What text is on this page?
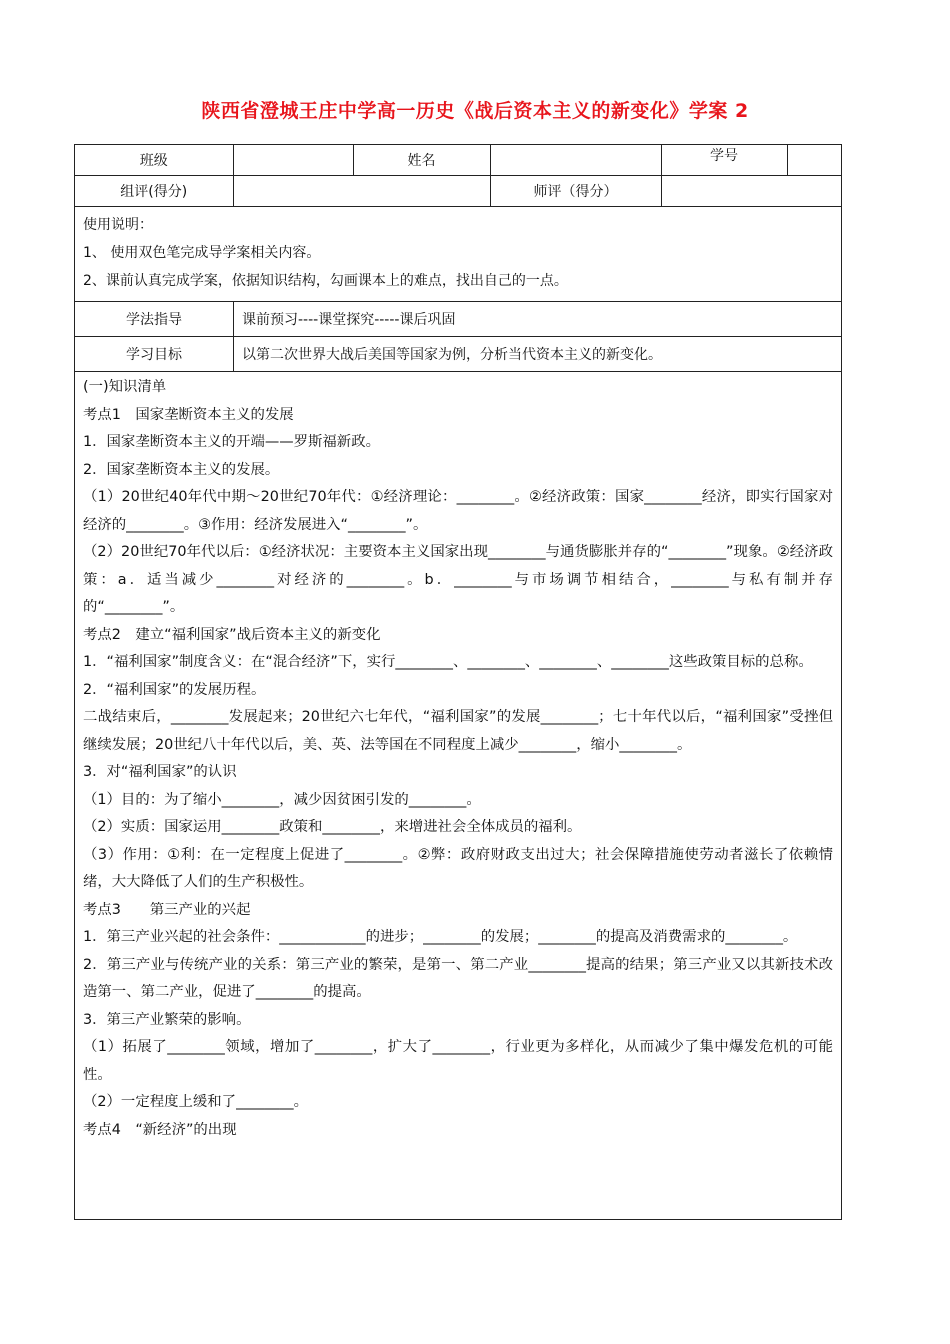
陕西省澄城王庄中学高一历史《战后资本主义的新变化》学案 2
班级		姓名		学号	
组评(得分)			师评（得分）		
使用说明：
1、 使用双色笔完成导学案相关内容。
2、课前认真完成学案，依据知识结构，勾画课本上的难点，找出自己的一点。
学法指导	课前预习----课堂探究-----课后巩固
学习目标	以第二次世界大战后美国等国家为例，分析当代资本主义的新变化。

(一)知识清单

考点1　国家垄断资本主义的发展

1．国家垄断资本主义的开端——罗斯福新政。

2．国家垄断资本主义的发展。

（1）20世纪40年代中期～20世纪70年代：①经济理论：________。②经济政策：国家________经济，即实行国家对经济的________。③作用：经济发展进入“________”。

（2）20世纪70年代以后：①经济状况：主要资本主义国家出现________与通货膨胀并存的“________”现象。②经济政策：a．适当减少________对经济的________。b．________与市场调节相结合，________与私有制并存的“________”。

考点2　建立“福利国家”战后资本主义的新变化

1．“福利国家”制度含义：在“混合经济”下，实行________、________、________、________这些政策目标的总称。

2．“福利国家”的发展历程。

二战结束后，________发展起来；20世纪六七年代，“福利国家”的发展________；七十年代以后，“福利国家”受挫但继续发展；20世纪八十年代以后，美、英、法等国在不同程度上减少________，缩小________。

3．对“福利国家”的认识

（1）目的：为了缩小________，减少因贫困引发的________。

（2）实质：国家运用________政策和________，来增进社会全体成员的福利。

（3）作用：①利：在一定程度上促进了________。②弊：政府财政支出过大；社会保障措施使劳动者滋长了依赖情绪，大大降低了人们的生产积极性。

考点3　　第三产业的兴起

1．第三产业兴起的社会条件：____________的进步；________的发展；________的提高及消费需求的________。

2．第三产业与传统产业的关系：第三产业的繁荣，是第一、第二产业________提高的结果；第三产业又以其新技术改造第一、第二产业，促进了________的提高。

3．第三产业繁荣的影响。

（1）拓展了________领域，增加了________，扩大了________，行业更为多样化，从而减少了集中爆发危机的可能性。

（2）一定程度上缓和了________。

考点4　“新经济”的出现
